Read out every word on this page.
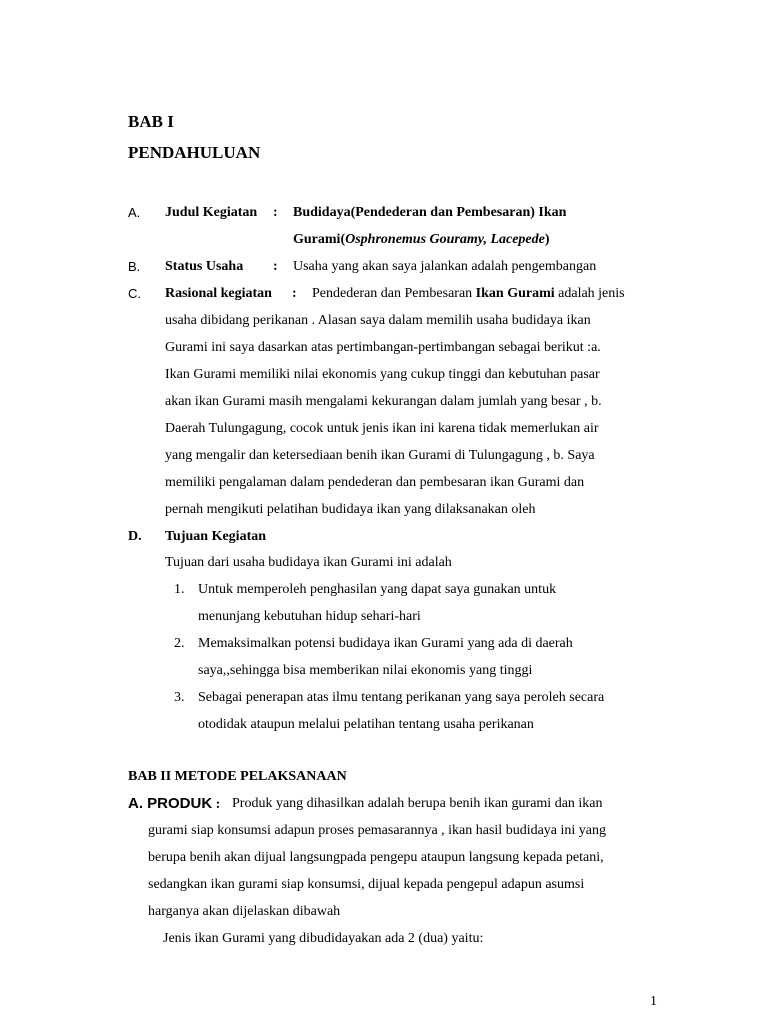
BAB I
PENDAHULUAN
A. Judul Kegiatan : Budidaya(Pendederan dan Pembesaran) Ikan
Gurami(Osphronemus Gouramy, Lacepede)
B. Status Usaha : Usaha yang akan saya jalankan adalah pengembangan
C. Rasional kegiatan : Pendederan dan Pembesaran Ikan Gurami adalah jenis
usaha dibidang perikanan . Alasan saya dalam memilih usaha budidaya ikan
Gurami ini saya dasarkan atas pertimbangan-pertimbangan sebagai berikut :a.
Ikan Gurami memiliki nilai ekonomis yang cukup tinggi dan kebutuhan pasar
akan ikan Gurami masih mengalami kekurangan dalam jumlah yang besar , b.
Daerah Tulungagung, cocok untuk jenis ikan ini karena tidak memerlukan air
yang mengalir dan ketersediaan benih ikan Gurami di Tulungagung , b. Saya
memiliki pengalaman dalam pendederan dan pembesaran ikan Gurami dan
pernah mengikuti pelatihan budidaya ikan yang dilaksanakan oleh
D. Tujuan Kegiatan
Tujuan dari usaha budidaya ikan Gurami ini adalah
1. Untuk memperoleh penghasilan yang dapat saya gunakan untuk
menunjang kebutuhan hidup sehari-hari
2. Memaksimalkan potensi budidaya ikan Gurami yang ada di daerah
saya,,sehingga bisa memberikan nilai ekonomis yang tinggi
3. Sebagai penerapan atas ilmu tentang perikanan yang saya peroleh secara
otodidak ataupun melalui pelatihan tentang usaha perikanan
BAB II METODE PELAKSANAAN
A. PRODUK : Produk yang dihasilkan adalah berupa benih ikan gurami dan ikan
gurami siap konsumsi adapun proses pemasarannya , ikan hasil budidaya ini yang
berupa benih akan dijual langsungpada pengepu ataupun langsung kepada petani,
sedangkan ikan gurami siap konsumsi, dijual kepada pengepul adapun asumsi
harganya akan dijelaskan dibawah
Jenis ikan Gurami yang dibudidayakan ada 2 (dua) yaitu:
1
